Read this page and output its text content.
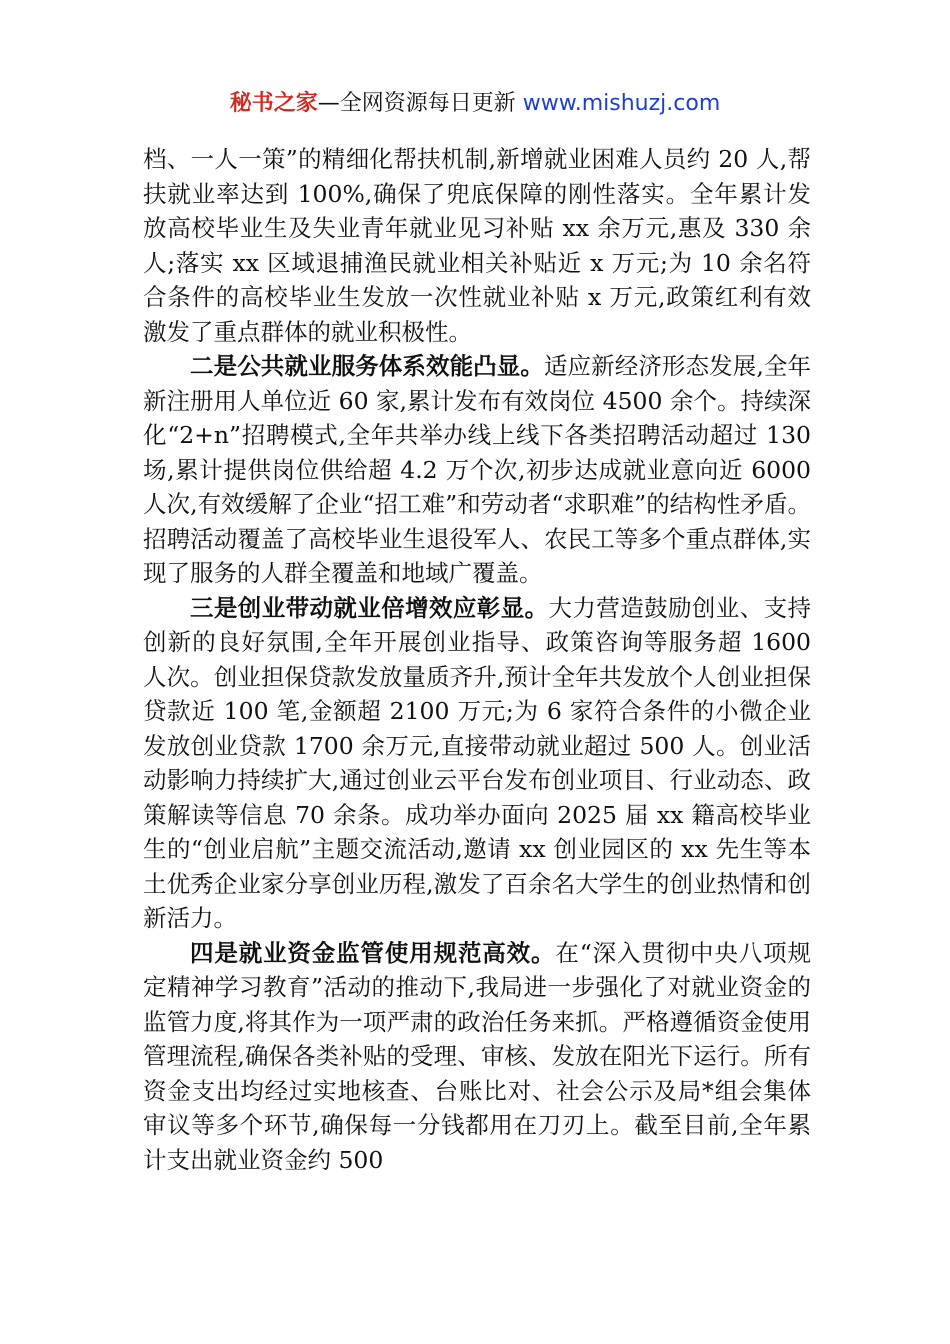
秘书之家—全网资源每日更新 www.mishuzj.com

档、一人一策”的精细化帮扶机制,新增就业困难人员约 20 人,帮扶就业率达到 100%,确保了兜底保障的刚性落实。全年累计发放高校毕业生及失业青年就业见习补贴 xx 余万元,惠及 330 余人;落实 xx 区域退捕渔民就业相关补贴近 x 万元;为 10 余名符合条件的高校毕业生发放一次性就业补贴 x 万元,政策红利有效激发了重点群体的就业积极性。

二是公共就业服务体系效能凸显。适应新经济形态发展,全年新注册用人单位近 60 家,累计发布有效岗位 4500 余个。持续深化“2+n”招聘模式,全年共举办线上线下各类招聘活动超过 130 场,累计提供岗位供给超 4.2 万个次,初步达成就业意向近 6000 人次,有效缓解了企业“招工难”和劳动者“求职难”的结构性矛盾。招聘活动覆盖了高校毕业生退役军人、农民工等多个重点群体,实现了服务的人群全覆盖和地域广覆盖。

三是创业带动就业倍增效应彰显。大力营造鼓励创业、支持创新的良好氛围,全年开展创业指导、政策咨询等服务超 1600 人次。创业担保贷款发放量质齐升,预计全年共发放个人创业担保贷款近 100 笔,金额超 2100 万元;为 6 家符合条件的小微企业发放创业贷款 1700 余万元,直接带动就业超过 500 人。创业活动影响力持续扩大,通过创业云平台发布创业项目、行业动态、政策解读等信息 70 余条。成功举办面向 2025 届 xx 籍高校毕业生的“创业启航”主题交流活动,邀请 xx 创业园区的 xx 先生等本土优秀企业家分享创业历程,激发了百余名大学生的创业热情和创新活力。

四是就业资金监管使用规范高效。在“深入贯彻中央八项规定精神学习教育”活动的推动下,我局进一步强化了对就业资金的监管力度,将其作为一项严肃的政治任务来抓。严格遵循资金使用管理流程,确保各类补贴的受理、审核、发放在阳光下运行。所有资金支出均经过实地核查、台账比对、社会公示及局*组会集体审议等多个环节,确保每一分钱都用在刀刃上。截至目前,全年累计支出就业资金约 500
